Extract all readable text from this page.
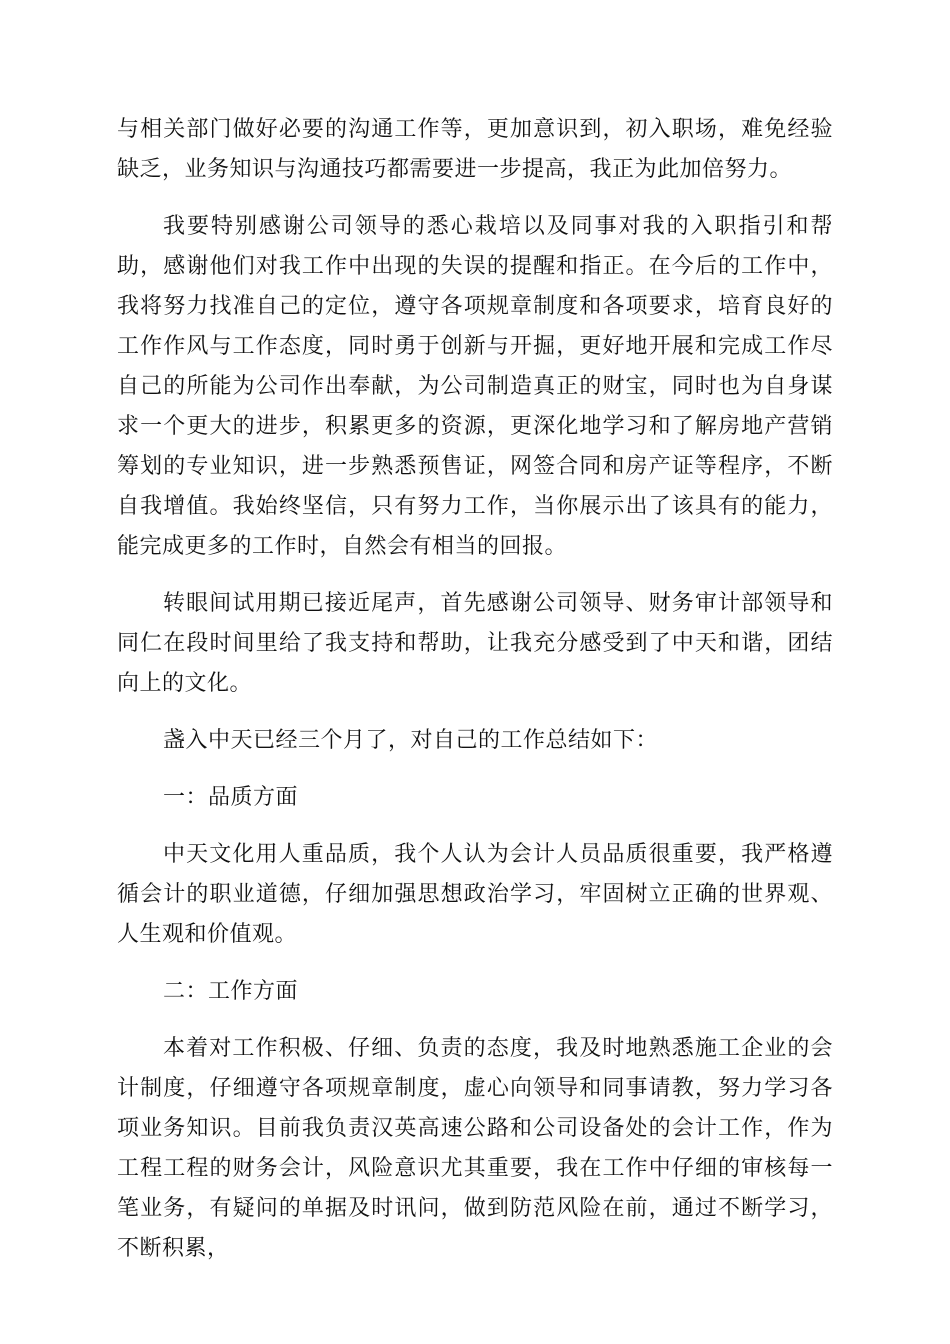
与相关部门做好必要的沟通工作等，更加意识到，初入职场，难免经验缺乏，业务知识与沟通技巧都需要进一步提高，我正为此加倍努力。

我要特别感谢公司领导的悉心栽培以及同事对我的入职指引和帮助，感谢他们对我工作中出现的失误的提醒和指正。在今后的工作中，我将努力找准自己的定位，遵守各项规章制度和各项要求，培育良好的工作作风与工作态度，同时勇于创新与开掘，更好地开展和完成工作尽自己的所能为公司作出奉献，为公司制造真正的财宝，同时也为自身谋求一个更大的进步，积累更多的资源，更深化地学习和了解房地产营销筹划的专业知识，进一步熟悉预售证，网签合同和房产证等程序，不断自我增值。我始终坚信，只有努力工作，当你展示出了该具有的能力，能完成更多的工作时，自然会有相当的回报。

转眼间试用期已接近尾声，首先感谢公司领导、财务审计部领导和同仁在段时间里给了我支持和帮助，让我充分感受到了中天和谐，团结向上的文化。

盏入中天已经三个月了，对自己的工作总结如下：

一：品质方面

中天文化用人重品质，我个人认为会计人员品质很重要，我严格遵循会计的职业道德，仔细加强思想政治学习，牢固树立正确的世界观、人生观和价值观。

二：工作方面

本着对工作积极、仔细、负责的态度，我及时地熟悉施工企业的会计制度，仔细遵守各项规章制度，虚心向领导和同事请教，努力学习各项业务知识。目前我负责汉英高速公路和公司设备处的会计工作，作为工程工程的财务会计，风险意识尤其重要，我在工作中仔细的审核每一笔业务，有疑问的单据及时讯问，做到防范风险在前，通过不断学习，不断积累，
